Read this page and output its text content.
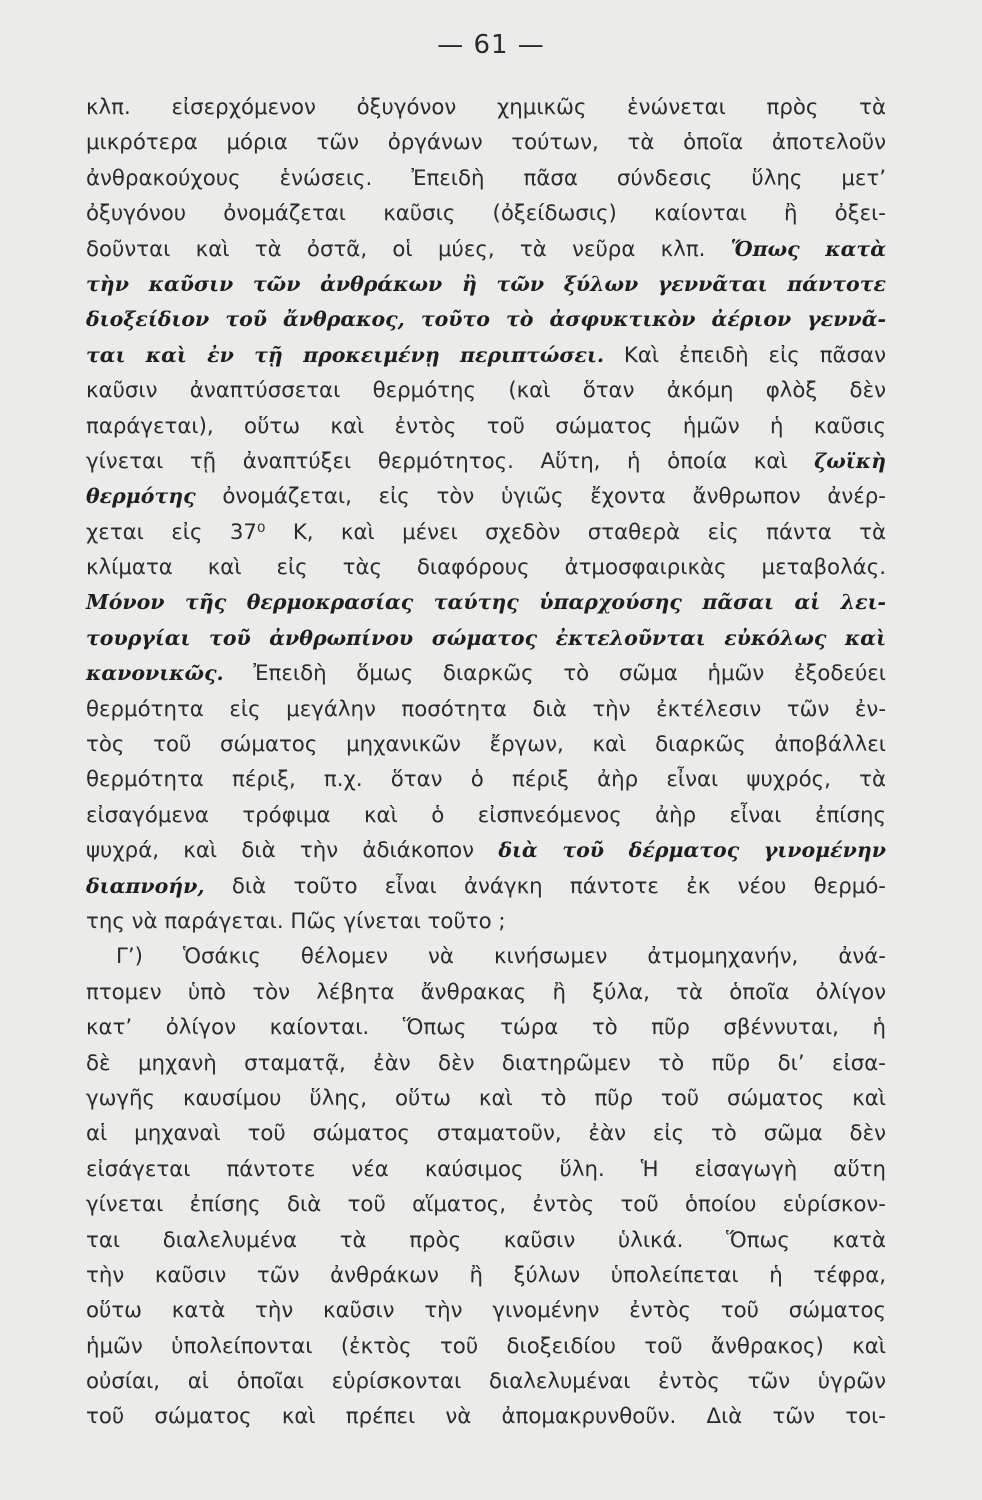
— 61 —
κλπ. εἰσερχόμενον ὀξυγόνον χημικῶς ἑνώνεται πρὸς τὰ
μικρότερα μόρια τῶν ὀργάνων τούτων, τὰ ὁποῖα ἀποτελοῦν
ἀνθρακούχους ἑνώσεις. Ἐπειδὴ πᾶσα σύνδεσις ὕλης μετ’
ὀξυγόνου ὀνομάζεται καῦσις (ὀξείδωσις) καίονται ἢ ὀξει-
δοῦνται καὶ τὰ ὀστᾶ, οἱ μύες, τὰ νεῦρα κλπ. Ὅπως κατὰ
τὴν καῦσιν τῶν ἀνθράκων ἢ τῶν ξύλων γεννᾶται πάντοτε
διοξείδιον τοῦ ἄνθρακος, τοῦτο τὸ ἀσφυκτικὸν ἀέριον γεννᾶ-
ται καὶ ἐν τῇ προκειμένῃ περιπτώσει. Καὶ ἐπειδὴ εἰς πᾶσαν
καῦσιν ἀναπτύσσεται θερμότης (καὶ ὅταν ἀκόμη φλὸξ δὲν
παράγεται), οὕτω καὶ ἐντὸς τοῦ σώματος ἡμῶν ἡ καῦσις
γίνεται τῇ ἀναπτύξει θερμότητος. Αὕτη, ἡ ὁποία καὶ ζωϊκὴ
θερμότης ὀνομάζεται, εἰς τὸν ὑγιῶς ἔχοντα ἄνθρωπον ἀνέρ-
χεται εἰς 37⁰ Κ, καὶ μένει σχεδὸν σταθερὰ εἰς πάντα τὰ
κλίματα καὶ εἰς τὰς διαφόρους ἀτμοσφαιρικὰς μεταβολάς.
Μόνον τῆς θερμοκρασίας ταύτης ὑπαρχούσης πᾶσαι αἱ λει-
τουργίαι τοῦ ἀνθρωπίνου σώματος ἐκτελοῦνται εὐκόλως καὶ
κανονικῶς. Ἐπειδὴ ὅμως διαρκῶς τὸ σῶμα ἡμῶν ἐξοδεύει
θερμότητα εἰς μεγάλην ποσότητα διὰ τὴν ἐκτέλεσιν τῶν ἐν-
τὸς τοῦ σώματος μηχανικῶν ἔργων, καὶ διαρκῶς ἀποβάλλει
θερμότητα πέριξ, π.χ. ὅταν ὁ πέριξ ἀὴρ εἶναι ψυχρός, τὰ
εἰσαγόμενα τρόφιμα καὶ ὁ εἰσπνεόμενος ἀὴρ εἶναι ἐπίσης
ψυχρά, καὶ διὰ τὴν ἀδιάκοπον διὰ τοῦ δέρματος γινομένην
διαπνοήν, διὰ τοῦτο εἶναι ἀνάγκη πάντοτε ἐκ νέου θερμό-
της νὰ παράγεται. Πῶς γίνεται τοῦτο ;
Γ’) Ὁσάκις θέλομεν νὰ κινήσωμεν ἀτμομηχανήν, ἀνά-
πτομεν ὑπὸ τὸν λέβητα ἄνθρακας ἢ ξύλα, τὰ ὁποῖα ὀλίγον
κατ’ ὀλίγον καίονται. Ὅπως τώρα τὸ πῦρ σβέννυται, ἡ
δὲ μηχανὴ σταματᾷ, ἐὰν δὲν διατηρῶμεν τὸ πῦρ δι’ εἰσα-
γωγῆς καυσίμου ὕλης, οὕτω καὶ τὸ πῦρ τοῦ σώματος καὶ
αἱ μηχαναὶ τοῦ σώματος σταματοῦν, ἐὰν εἰς τὸ σῶμα δὲν
εἰσάγεται πάντοτε νέα καύσιμος ὕλη. Ἡ εἰσαγωγὴ αὕτη
γίνεται ἐπίσης διὰ τοῦ αἵματος, ἐντὸς τοῦ ὁποίου εὑρίσκον-
ται διαλελυμένα τὰ πρὸς καῦσιν ὑλικά. Ὅπως κατὰ
τὴν καῦσιν τῶν ἀνθράκων ἢ ξύλων ὑπολείπεται ἡ τέφρα,
οὕτω κατὰ τὴν καῦσιν τὴν γινομένην ἐντὸς τοῦ σώματος
ἡμῶν ὑπολείπονται (ἐκτὸς τοῦ διοξειδίου τοῦ ἄνθρακος) καὶ
οὐσίαι, αἱ ὁποῖαι εὑρίσκονται διαλελυμέναι ἐντὸς τῶν ὑγρῶν
τοῦ σώματος καὶ πρέπει νὰ ἀπομακρυνθοῦν. Διὰ τῶν τοι-
